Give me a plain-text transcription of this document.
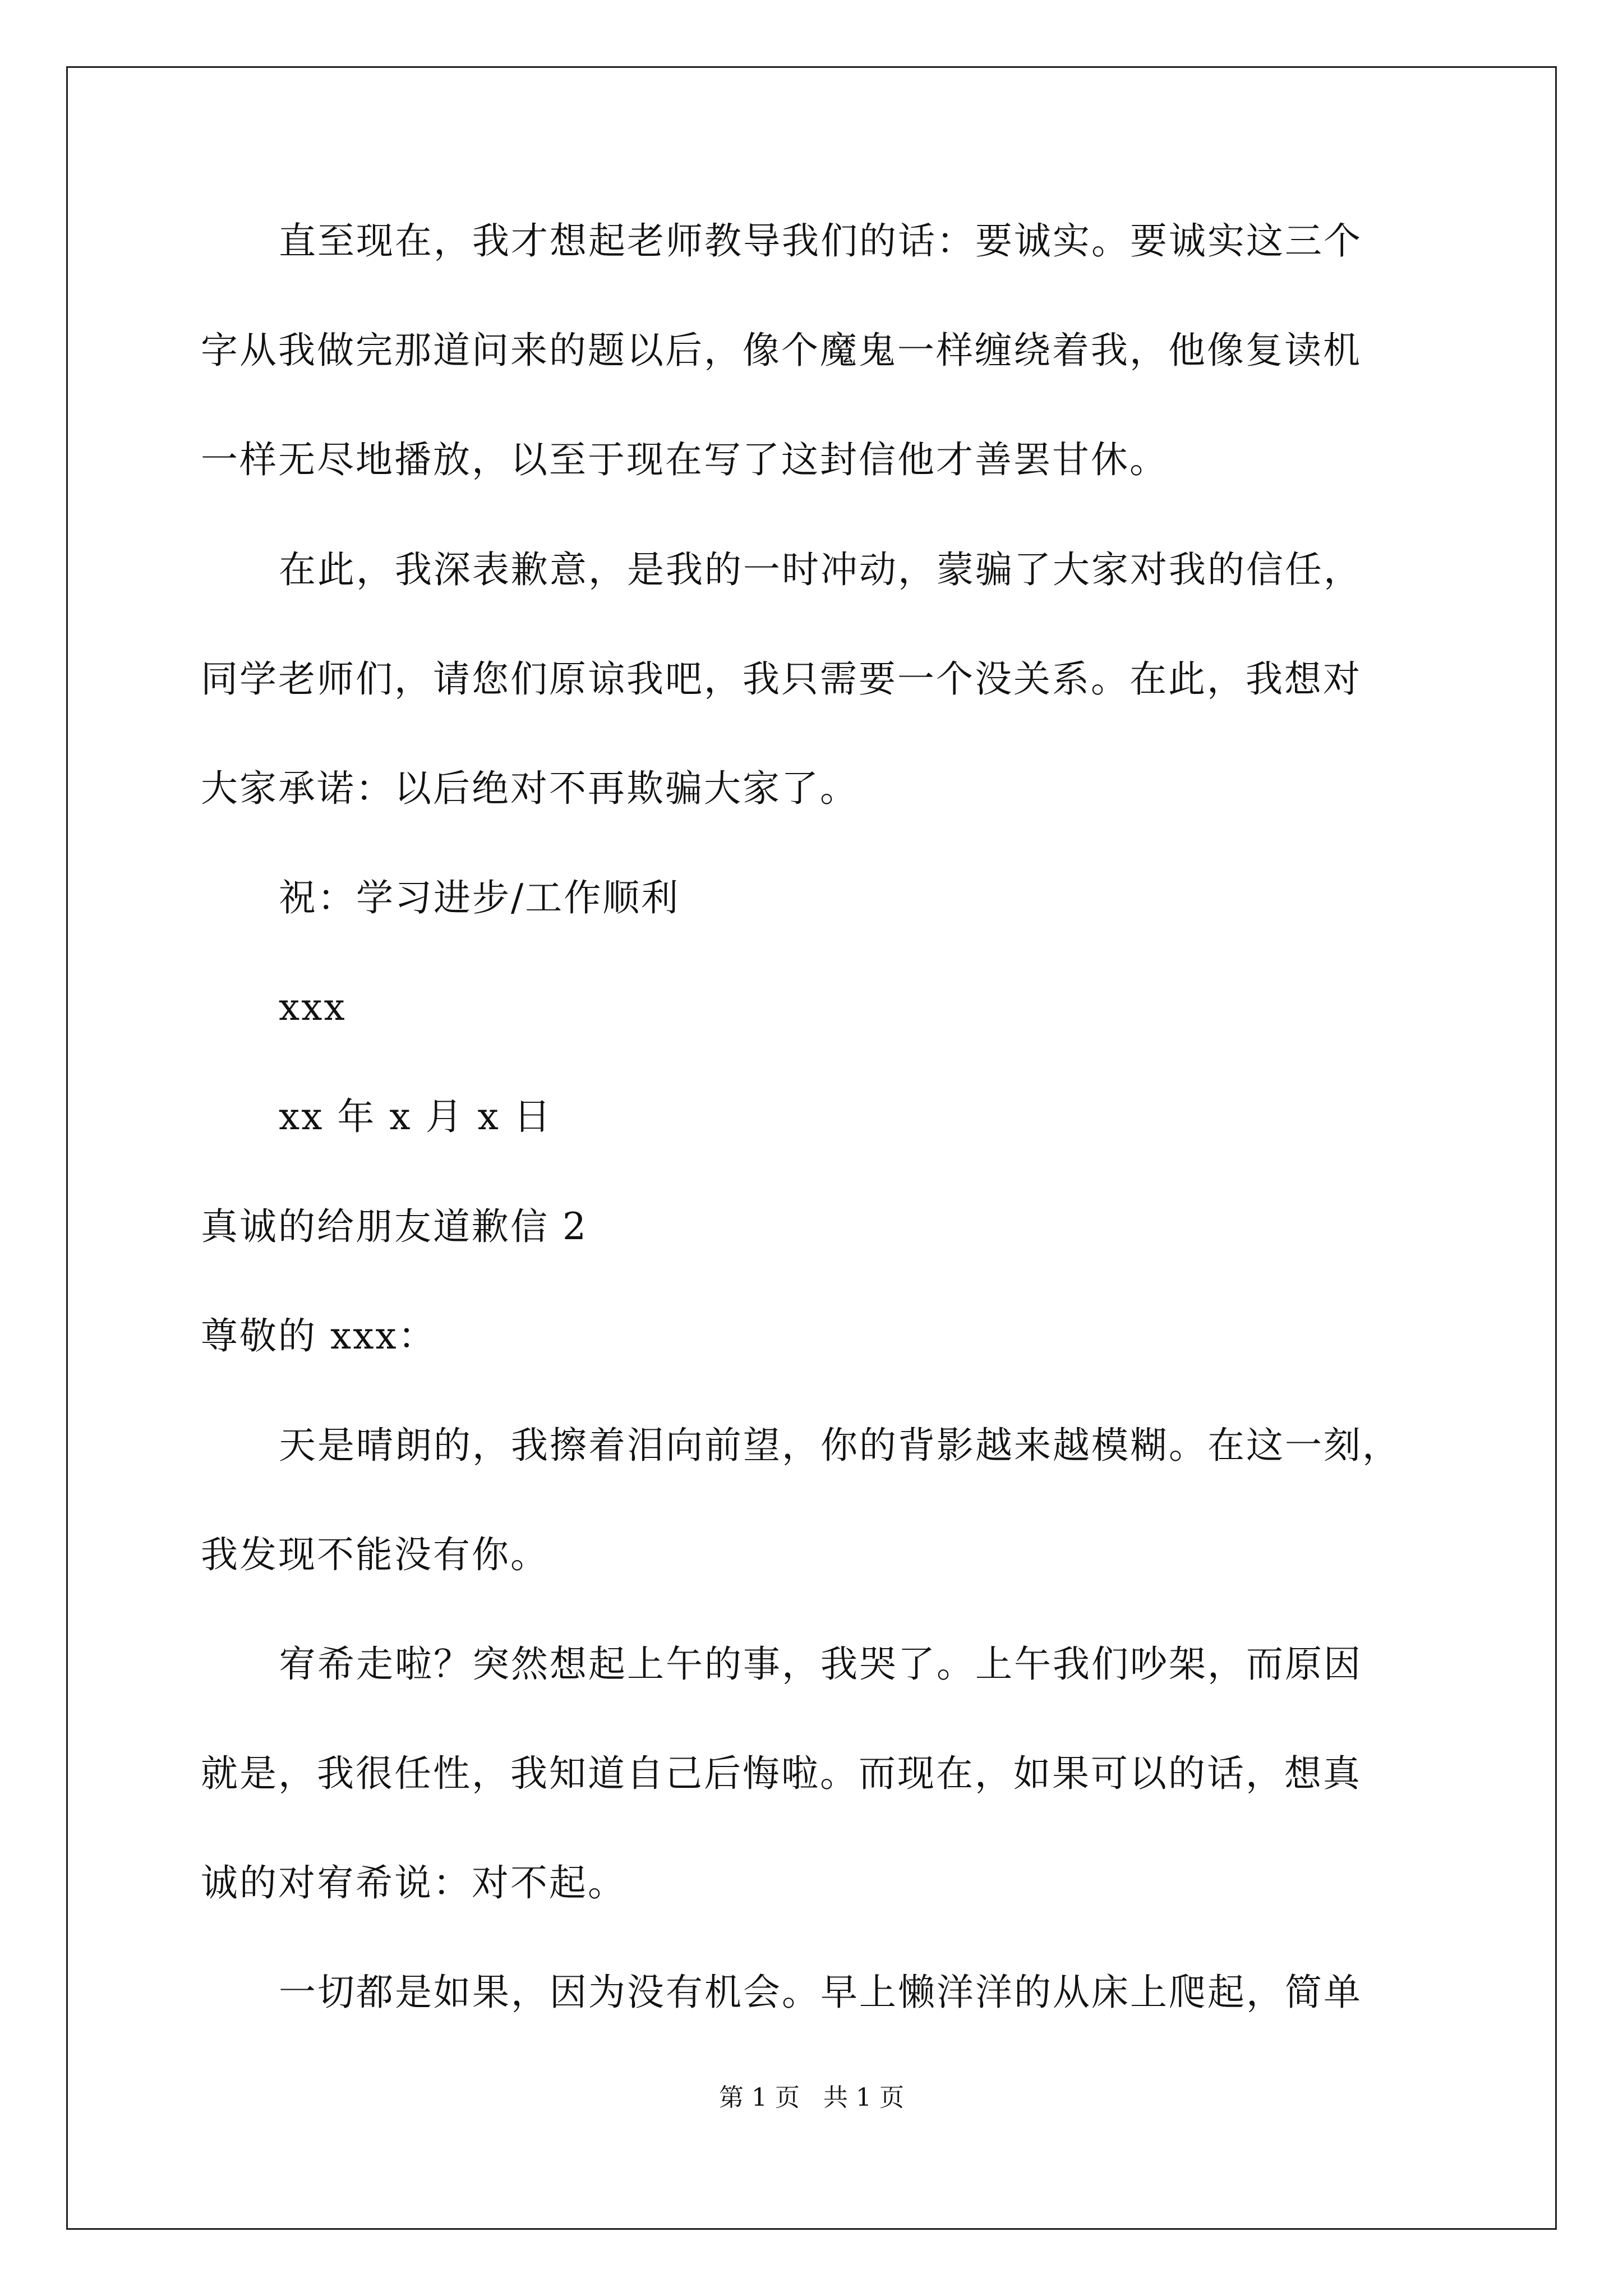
直至现在，我才想起老师教导我们的话：要诚实。要诚实这三个
字从我做完那道问来的题以后，像个魔鬼一样缠绕着我，他像复读机
一样无尽地播放，以至于现在写了这封信他才善罢甘休。
在此，我深表歉意，是我的一时冲动，蒙骗了大家对我的信任，
同学老师们，请您们原谅我吧，我只需要一个没关系。在此，我想对
大家承诺：以后绝对不再欺骗大家了。
祝：学习进步/工作顺利
xxx
xx 年 x 月 x 日
真诚的给朋友道歉信 2
尊敬的 xxx：
天是晴朗的，我擦着泪向前望，你的背影越来越模糊。在这一刻，
我发现不能没有你。
宥希走啦？突然想起上午的事，我哭了。上午我们吵架，而原因
就是，我很任性，我知道自己后悔啦。而现在，如果可以的话，想真
诚的对宥希说：对不起。
一切都是如果，因为没有机会。早上懒洋洋的从床上爬起，简单
第 1 页   共 1 页
